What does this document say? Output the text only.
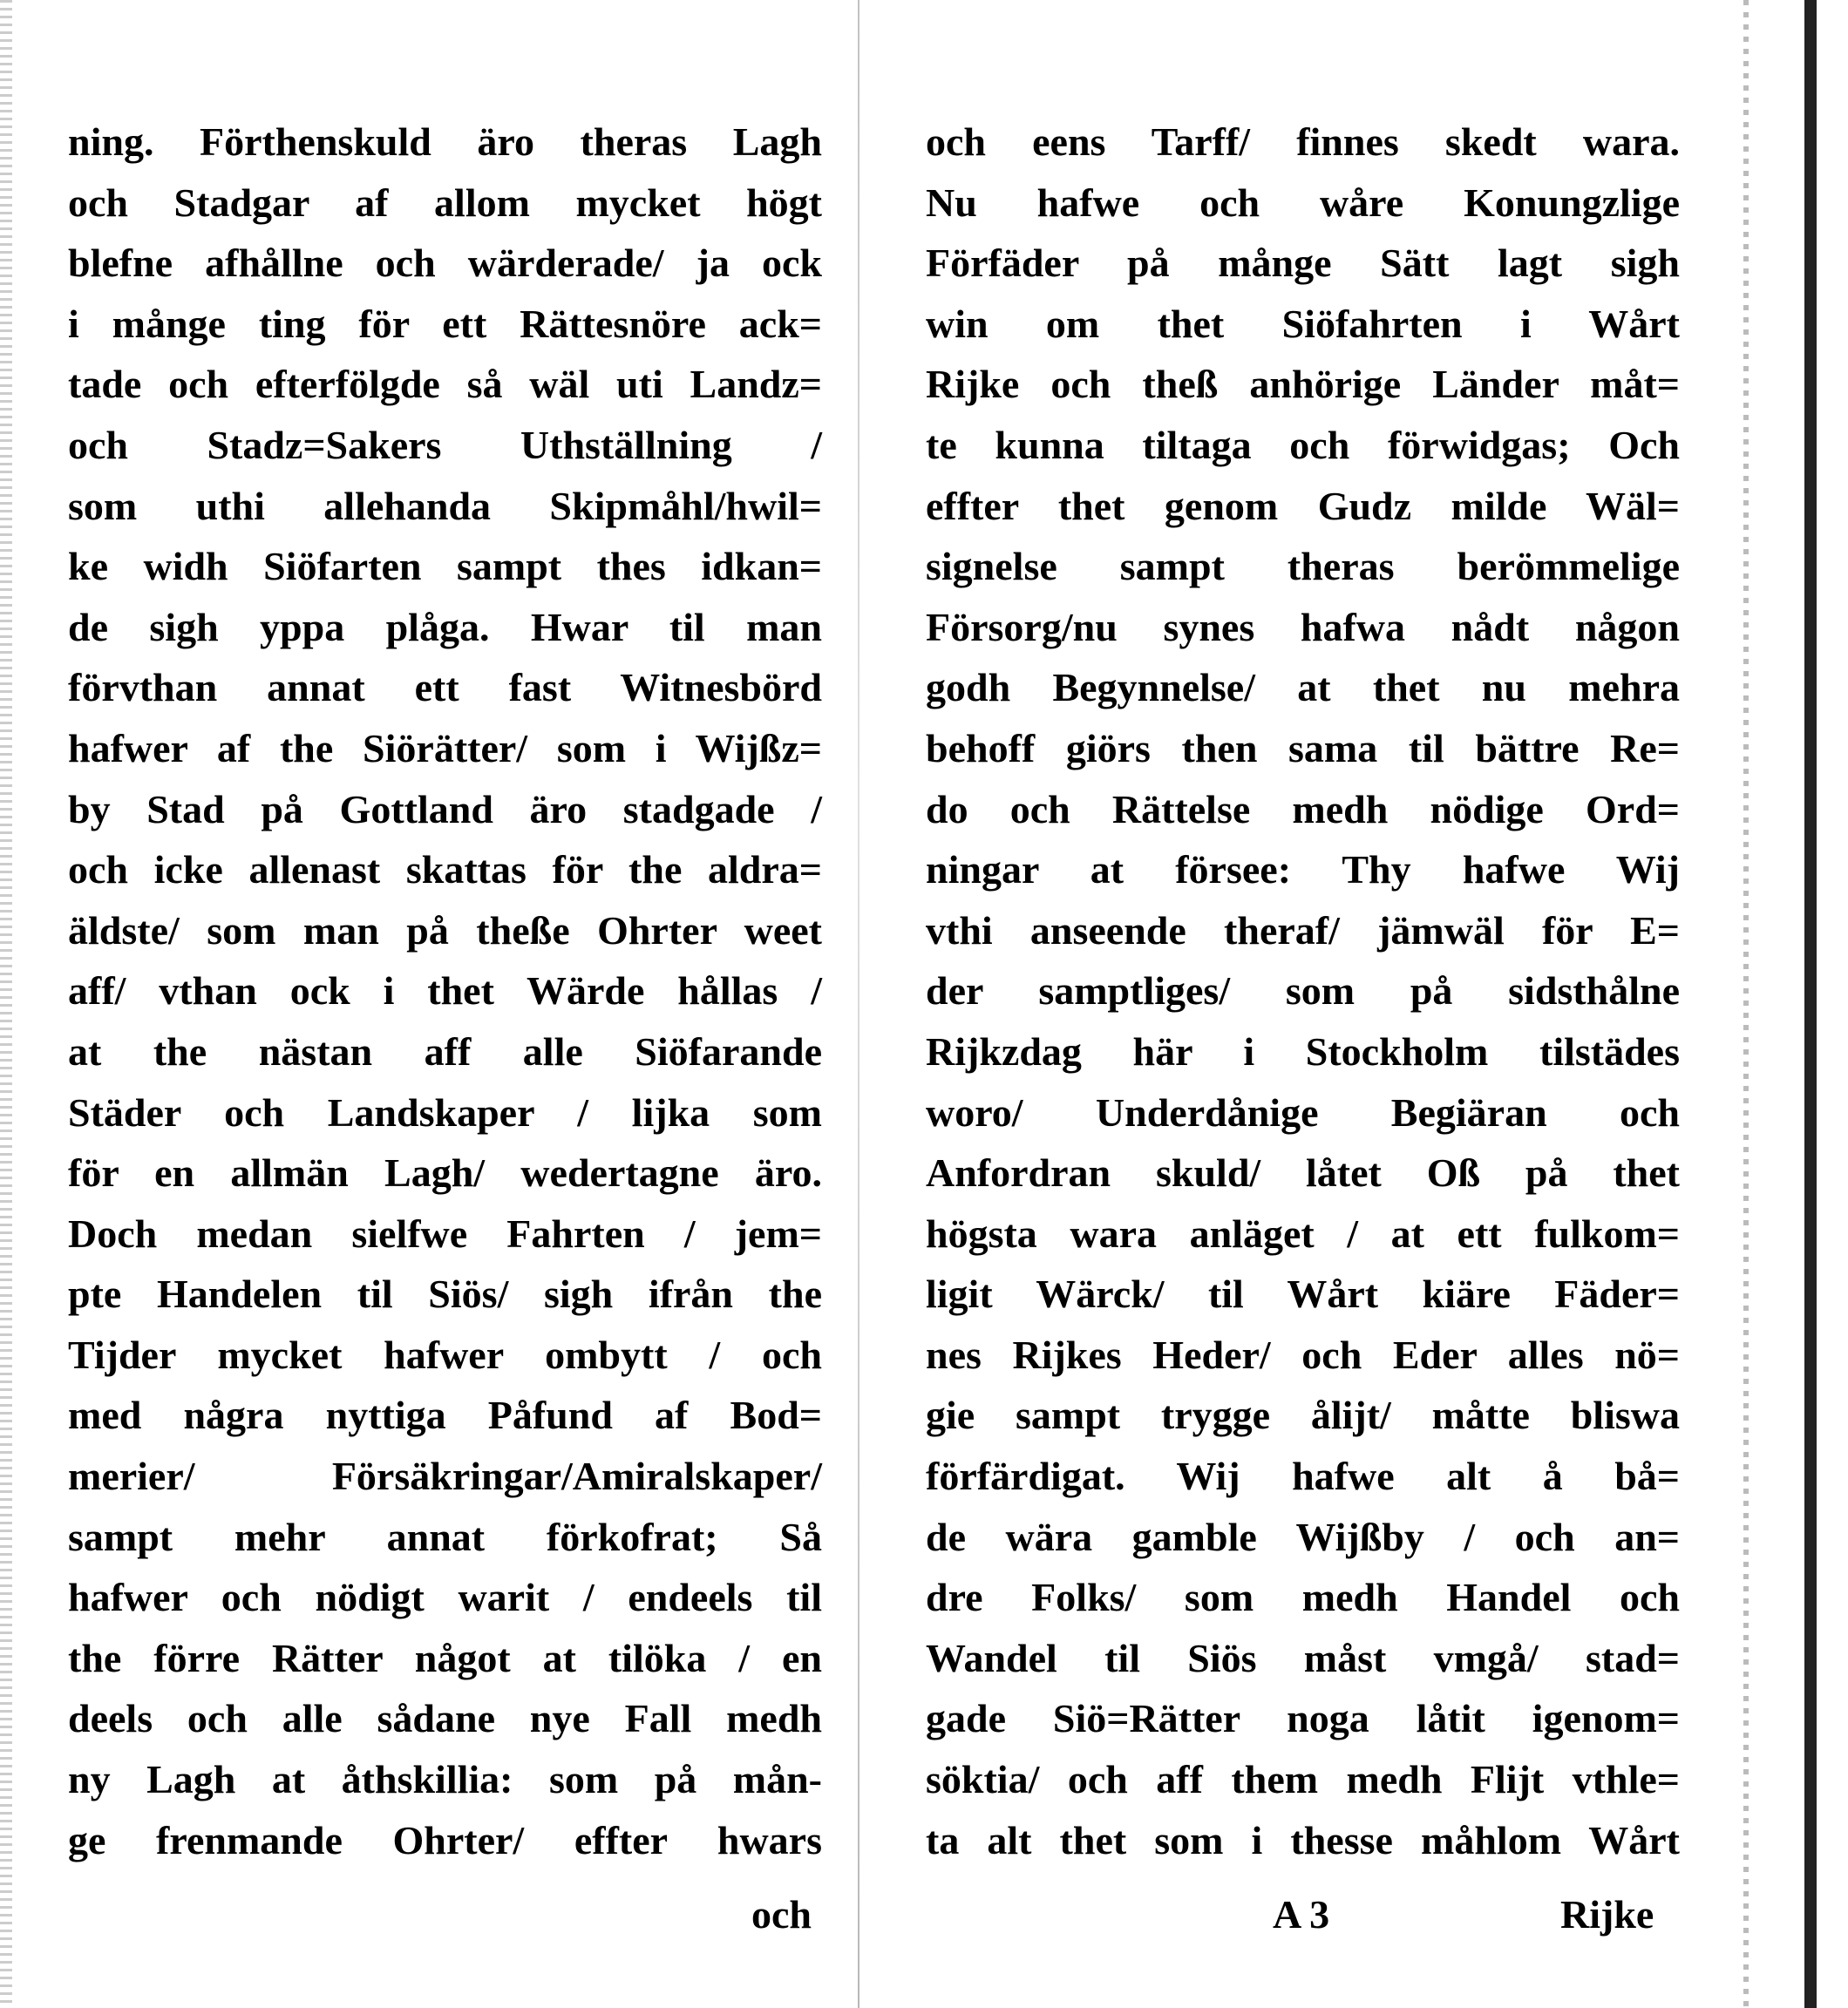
ning. Förthenskuld äro theras Lagh
och Stadgar af allom mycket högt
blefne afhållne och wärderade/ ja ock
i månge ting för ett Rättesnöre ack=
tade och efterfölgde så wäl uti Landz=
och Stadz=Sakers Uthställning /
som uthi allehanda Skipmåhl/hwil=
ke widh Siöfarten sampt thes idkan=
de sigh yppa plåga. Hwar til man
förvthan annat ett fast Witnesbörd
hafwer af the Siörätter/ som i Wijßz=
by Stad på Gottland äro stadgade /
och icke allenast skattas för the aldra=
äldste/ som man på theße Ohrter weet
aff/ vthan ock i thet Wärde hållas /
at the nästan aff alle Siöfarande
Städer och Landskaper / lijka som
för en allmän Lagh/ wedertagne äro.
Doch medan sielfwe Fahrten / jem=
pte Handelen til Siös/ sigh ifrån the
Tijder mycket hafwer ombytt / och
med några nyttiga Påfund af Bod=
merier/ Försäkringar/Amiralskaper/
sampt mehr annat förkofrat; Så
hafwer och nödigt warit / endeels til
the förre Rätter något at tilöka / en
deels och alle sådane nye Fall medh
ny Lagh at åthskillia: som på mån-
ge frenmande Ohrter/ effter hwars
och
och eens Tarff/ finnes skedt wara.
Nu hafwe och wåre Konungzlige
Förfäder på månge Sätt lagt sigh
win om thet Siöfahrten i Wårt
Rijke och theß anhörige Länder måt=
te kunna tiltaga och förwidgas; Och
effter thet genom Gudz milde Wäl=
signelse sampt theras berömmelige
Försorg/nu synes hafwa nådt någon
godh Begynnelse/ at thet nu mehra
behoff giörs then sama til bättre Re=
do och Rättelse medh nödige Ord=
ningar at försee: Thy hafwe Wij
vthi anseende theraf/ jämwäl för E=
der samptliges/ som på sidsthålne
Rijkzdag här i Stockholm tilstädes
woro/ Underdånige Begiäran och
Anfordran skuld/ låtet Oß på thet
högsta wara anläget / at ett fulkom=
ligit Wärck/ til Wårt kiäre Fäder=
nes Rijkes Heder/ och Eder alles nö=
gie sampt trygge ålijt/ måtte bliswa
förfärdigat. Wij hafwe alt å bå=
de wära gamble Wijßby / och an=
dre Folks/ som medh Handel och
Wandel til Siös måst vmgå/ stad=
gade Siö=Rätter noga låtit igenom=
söktia/ och aff them medh Flijt vthle=
ta alt thet som i thesse måhlom Wårt
A 3	Rijke
